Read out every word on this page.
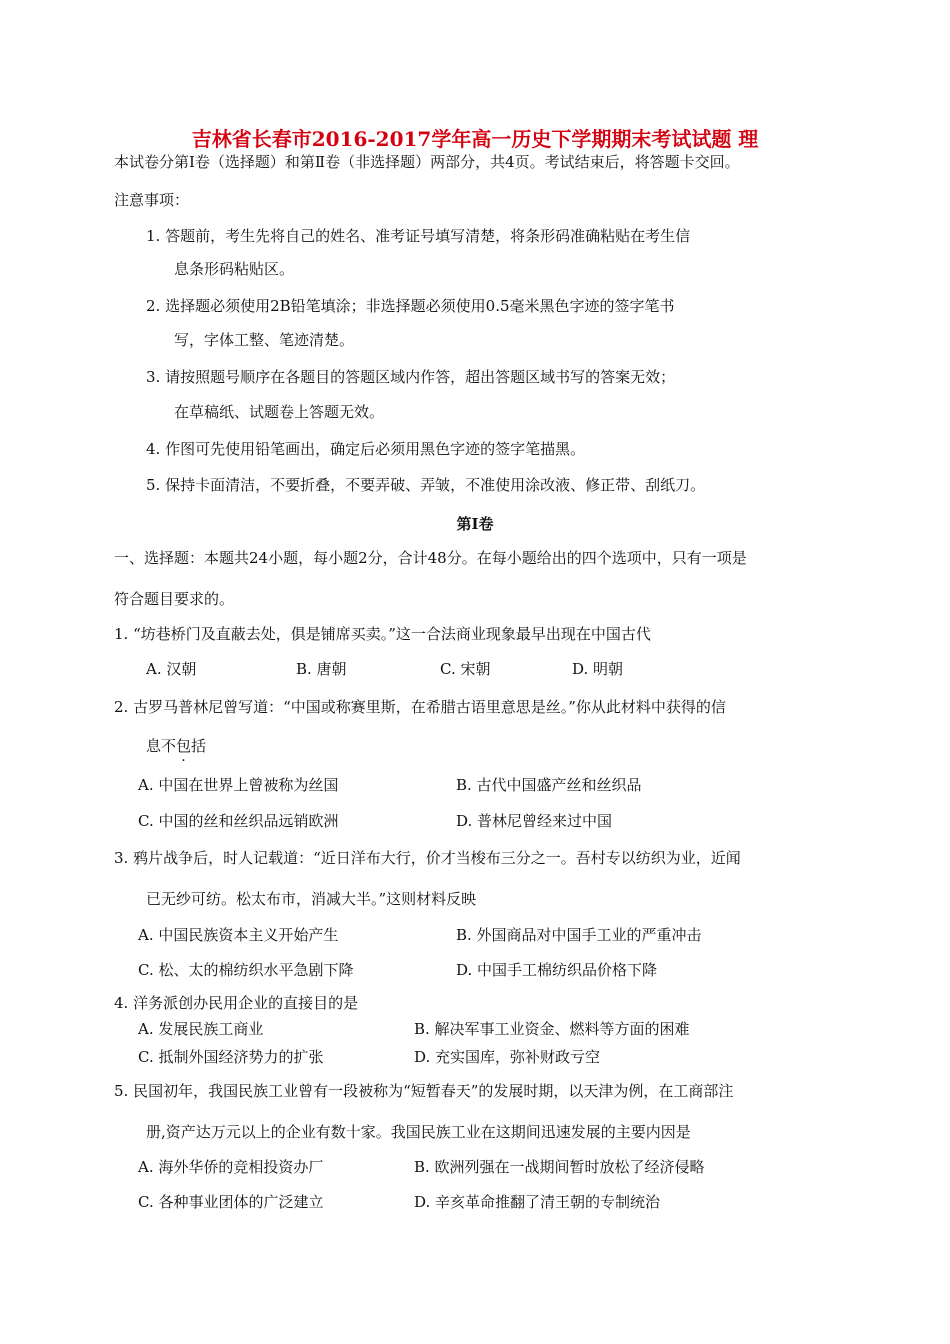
吉林省长春市2016-2017学年高一历史下学期期末考试试题 理
本试卷分第Ⅰ卷（选择题）和第Ⅱ卷（非选择题）两部分，共4页。考试结束后，将答题卡交回。
注意事项：
1. 答题前，考生先将自己的姓名、准考证号填写清楚，将条形码准确粘贴在考生信
息条形码粘贴区。
2. 选择题必须使用2B铅笔填涂；非选择题必须使用0.5毫米黑色字迹的签字笔书
写，字体工整、笔迹清楚。
3. 请按照题号顺序在各题目的答题区域内作答，超出答题区域书写的答案无效；
在草稿纸、试题卷上答题无效。
4. 作图可先使用铅笔画出，确定后必须用黑色字迹的签字笔描黑。
5. 保持卡面清洁，不要折叠，不要弄破、弄皱，不准使用涂改液、修正带、刮纸刀。
第Ⅰ卷
一、选择题：本题共24小题，每小题2分，合计48分。在每小题给出的四个选项中，只有一项是
符合题目要求的。
1. “坊巷桥门及直蔽去处，俱是铺席买卖。”这一合法商业现象最早出现在中国古代
A. 汉朝	B. 唐朝	C. 宋朝	D. 明朝
2. 古罗马普林尼曾写道：“中国或称赛里斯，在希腊古语里意思是丝。”你从此材料中获得的信
息不包括
A. 中国在世界上曾被称为丝国	B. 古代中国盛产丝和丝织品
C. 中国的丝和丝织品远销欧洲	D. 普林尼曾经来过中国
3. 鸦片战争后，时人记载道：“近日洋布大行，价才当梭布三分之一。吾村专以纺织为业，近闻
已无纱可纺。松太布市，消减大半。”这则材料反映
A. 中国民族资本主义开始产生	B. 外国商品对中国手工业的严重冲击
C. 松、太的棉纺织水平急剧下降	D. 中国手工棉纺织品价格下降
4. 洋务派创办民用企业的直接目的是
A. 发展民族工商业	B. 解决军事工业资金、燃料等方面的困难
C. 抵制外国经济势力的扩张	D. 充实国库，弥补财政亏空
5. 民国初年，我国民族工业曾有一段被称为“短暂春天”的发展时期，以天津为例，在工商部注
册,资产达万元以上的企业有数十家。我国民族工业在这期间迅速发展的主要内因是
A. 海外华侨的竞相投资办厂	B. 欧洲列强在一战期间暂时放松了经济侵略
C. 各种事业团体的广泛建立	D. 辛亥革命推翻了清王朝的专制统治
